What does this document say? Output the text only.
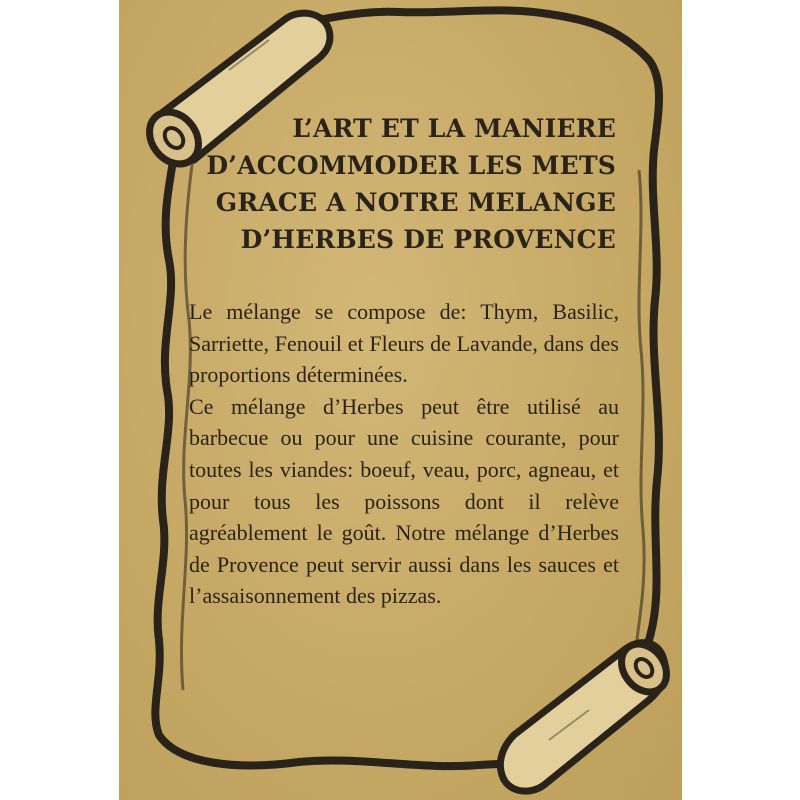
L’ART ET LA MANIERE
D’ACCOMMODER LES METS
GRACE A NOTRE MELANGE
D’HERBES DE PROVENCE

Le mélange se compose de: Thym, Basilic, Sarriette, Fenouil et Fleurs de Lavande, dans des proportions déterminées.

Ce mélange d’Herbes peut être utilisé au barbecue ou pour une cuisine courante, pour toutes les viandes: boeuf, veau, porc, agneau, et pour tous les poissons dont il relève agréablement le goût. Notre mélange d’Herbes de Provence peut servir aussi dans les sauces et l’assaisonnement des pizzas.
